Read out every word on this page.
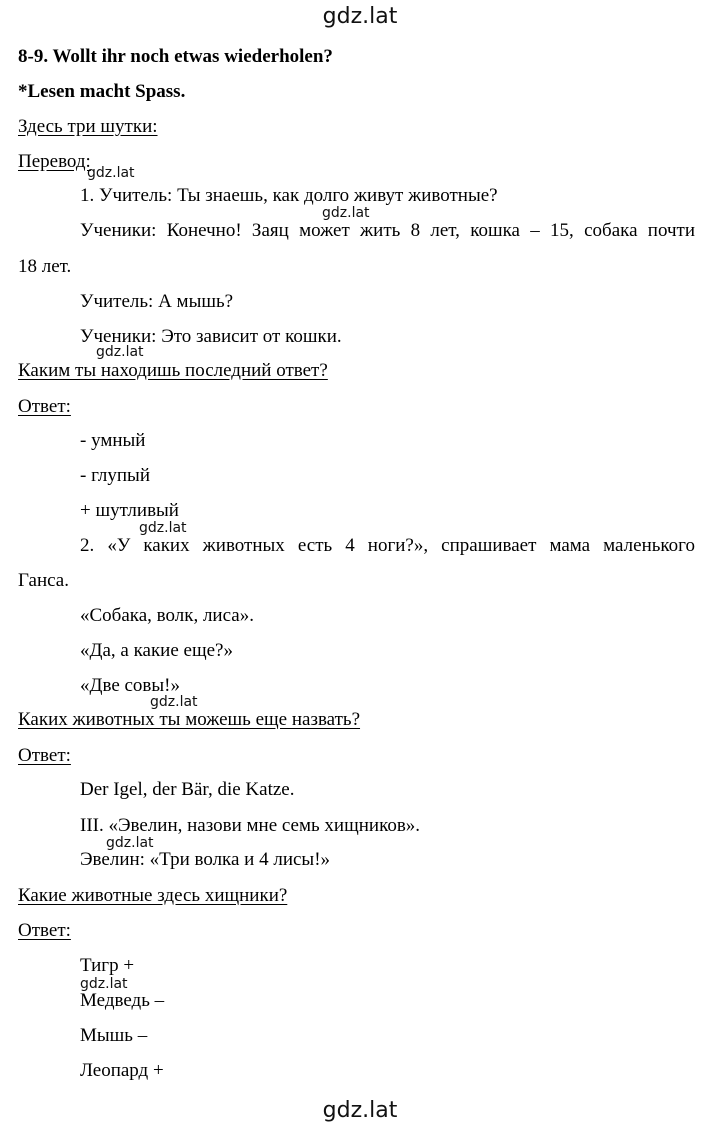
gdz.lat
gdz.lat
gdz.lat
gdz.lat
gdz.lat
gdz.lat
gdz.lat
gdz.lat
gdz.lat
8-9. Wollt ihr noch etwas wiederholen?
*Lesen macht Spass.
Здесь три шутки:
Перевод:
1. Учитель: Ты знаешь, как долго живут животные?
Ученики: Конечно! Заяц может жить 8 лет, кошка – 15, собака почти
18 лет.
Учитель: А мышь?
Ученики: Это зависит от кошки.
Каким ты находишь последний ответ?
Ответ:
- умный
- глупый
+ шутливый
2. «У каких животных есть 4 ноги?», спрашивает мама маленького
Ганса.
«Собака, волк, лиса».
«Да, а какие еще?»
«Две совы!»
Каких животных ты можешь еще назвать?
Ответ:
Der Igel, der Bär, die Katze.
III. «Эвелин, назови мне семь хищников».
Эвелин: «Три волка и 4 лисы!»
Какие животные здесь хищники?
Ответ:
Тигр +
Медведь –
Мышь –
Леопард +
